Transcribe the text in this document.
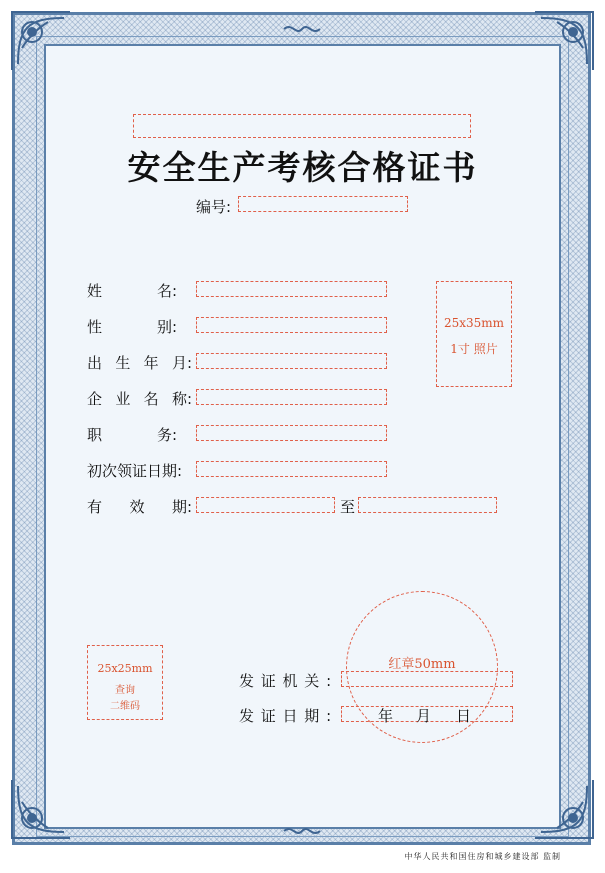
安全生产考核合格证书
编号:
姓	名:
性	别:
出 生 年 月:
企 业 名 称:
职	务:
初次领证日期:
有 效 期:	至
25x35mm
1寸 照片
25x25mm
查询
二维码
红章50mm
发 证 机 关 :
发 证 日 期 :	年 月 日
中华人民共和国住房和城乡建设部 监制
